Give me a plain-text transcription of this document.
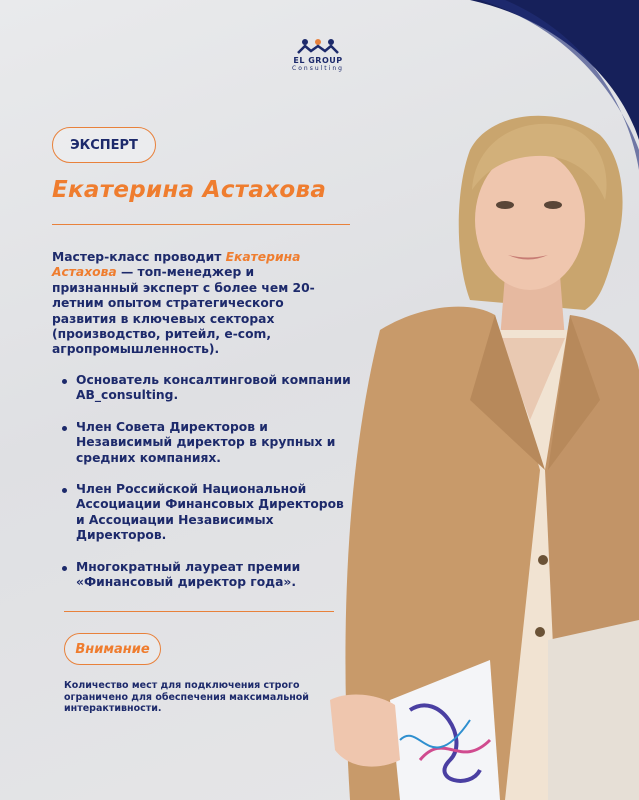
EL GROUP
Consulting
ЭКСПЕРТ
Екатерина Астахова
Мастер-класс проводит Екатерина Астахова — топ-менеджер и признанный эксперт с более чем 20-летним опытом стратегического развития в ключевых секторах (производство, ритейл, e-com, агропромышленность).
Основатель консалтинговой компании AB_consulting.
Член Совета Директоров и Независимый директор в крупных и средних компаниях.
Член Российской Национальной Ассоциации Финансовых Директоров и Ассоциации Независимых Директоров.
Многократный лауреат премии «Финансовый директор года».
Внимание
Количество мест для подключения строго ограничено для обеспечения максимальной интерактивности.
